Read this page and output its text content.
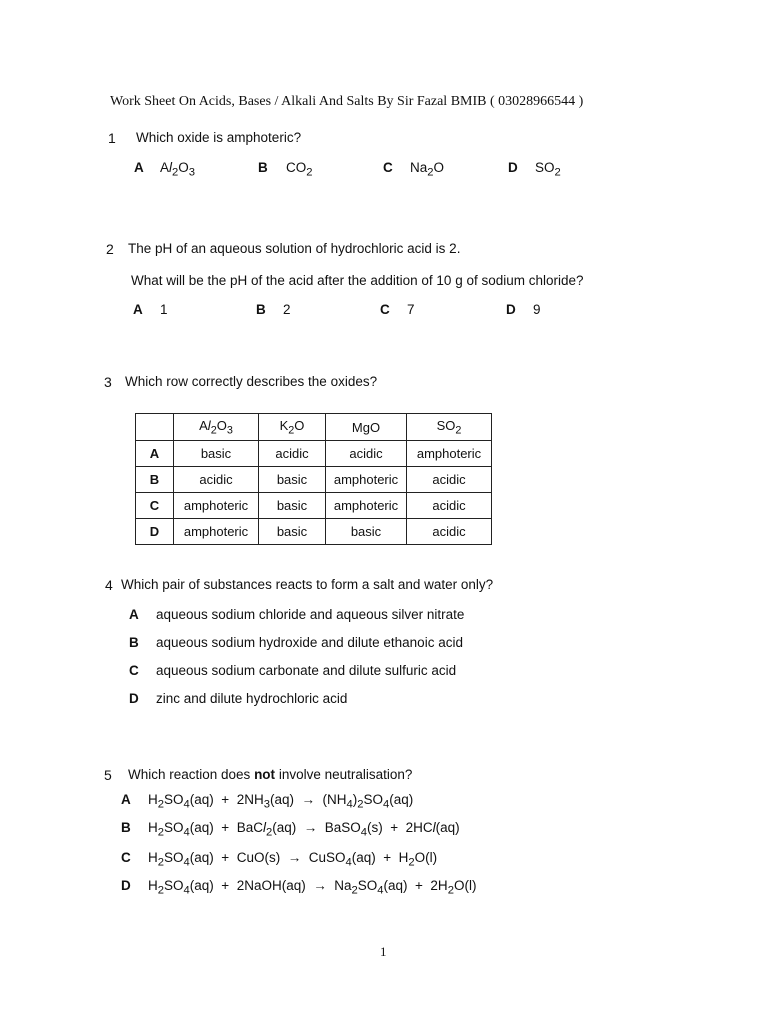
Work Sheet On Acids, Bases / Alkali And Salts By Sir Fazal BMIB ( 03028966544 )
1 Which oxide is amphoteric?
A $Al_2O_3$	B $CO_2$	C $Na_2O$	D $SO_2$
2 The pH of an aqueous solution of hydrochloric acid is 2.
What will be the pH of the acid after the addition of 10 g of sodium chloride?
A 1	B 2	C 7	D 9
3 Which row correctly describes the oxides?
	$Al_2O_3$	$K_2O$	MgO	$SO_2$
A	basic	acidic	acidic	amphoteric
B	acidic	basic	amphoteric	acidic
C	amphoteric	basic	amphoteric	acidic
D	amphoteric	basic	basic	acidic
4 Which pair of substances reacts to form a salt and water only?
A aqueous sodium chloride and aqueous silver nitrate
B aqueous sodium hydroxide and dilute ethanoic acid
C aqueous sodium carbonate and dilute sulfuric acid
D zinc and dilute hydrochloric acid
5 Which reaction does not involve neutralisation?
A $H_2SO_4(aq) + 2NH_3(aq) \to (NH_4)_2SO_4(aq)$
B $H_2SO_4(aq)$  +  BaCl$_2$(aq)  →  BaSO$_4$(s)  +  2HCl(aq)
C $H_2SO_4(aq) + CuO(s)$  →  CuSO$_4$(aq)  +  $H_2O(l)$
D $H_2SO_4(aq)$  +  2NaOH(aq)  →  $Na_2SO_4(aq) + 2H_2O(l)$
1
